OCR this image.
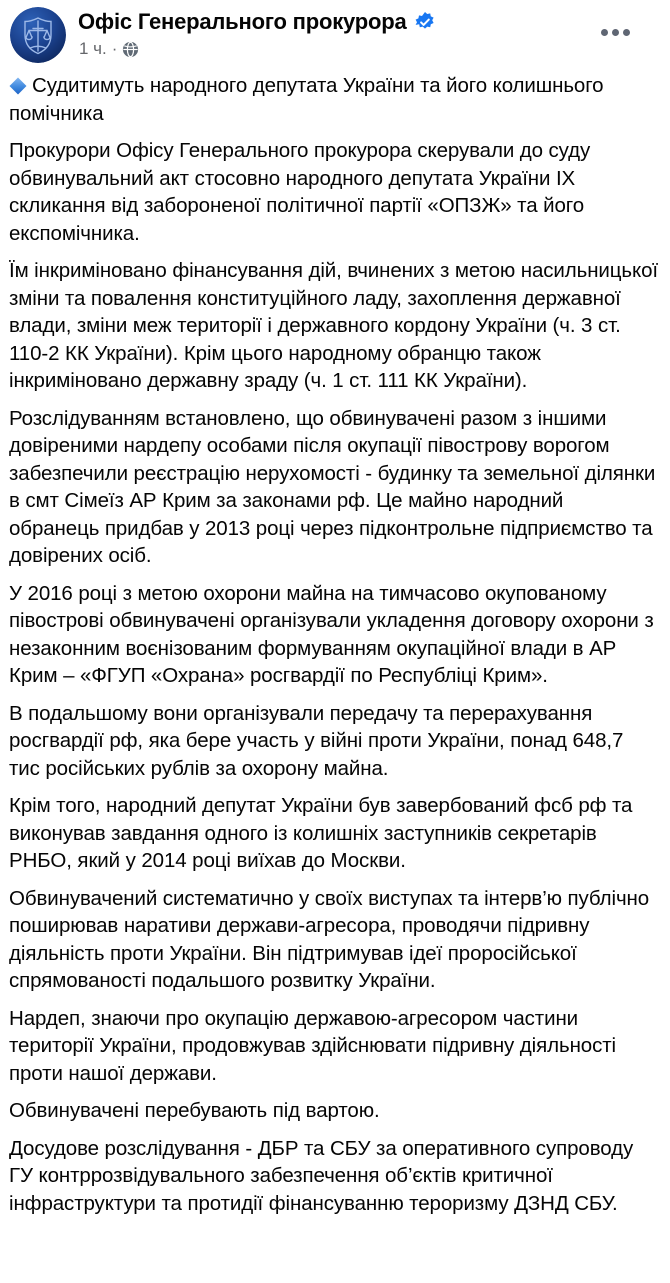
Офіс Генерального прокурора
1 ч. ·

Судитимуть народного депутата України та його колишнього помічника

Прокурори Офісу Генерального прокурора скерували до суду обвинувальний акт стосовно народного депутата України ІХ скликання від забороненої політичної партії «ОПЗЖ» та його експомічника.

Їм інкриміновано фінансування дій, вчинених з метою насильницької зміни та повалення конституційного ладу, захоплення державної влади, зміни меж території і державного кордону України (ч. 3 ст. 110-2 КК України). Крім цього народному обранцю також інкриміновано державну зраду (ч. 1 ст. 111 КК України).

Розслідуванням встановлено, що обвинувачені разом з іншими довіреними нардепу особами після окупації півострову ворогом забезпечили реєстрацію нерухомості - будинку та земельної ділянки в смт Сімеїз АР Крим за законами рф. Це майно народний обранець придбав у 2013 році через підконтрольне підприємство та довірених осіб.

У 2016 році з метою охорони майна на тимчасово окупованому півострові обвинувачені організували укладення договору охорони з незаконним воєнізованим формуванням окупаційної влади в АР Крим – «ФГУП «Охрана» росгвардії по Республіці Крим».

В подальшому вони організували передачу та перерахування росгвардії рф, яка бере участь у війні проти України, понад 648,7 тис російських рублів за охорону майна.

Крім того, народний депутат України був завербований фсб рф та виконував завдання одного із колишніх заступників секретарів РНБО, який у 2014 році виїхав до Москви.

Обвинувачений систематично у своїх виступах та інтерв’ю публічно поширював наративи держави-агресора, проводячи підривну діяльність проти України. Він підтримував ідеї проросійської спрямованості подальшого розвитку України.

Нардеп, знаючи про окупацію державою-агресором частини території України, продовжував здійснювати підривну діяльності проти нашої держави.

Обвинувачені перебувають під вартою.

Досудове розслідування - ДБР та СБУ за оперативного супроводу ГУ контррозвідувального забезпечення об’єктів критичної інфраструктури та протидії фінансуванню тероризму ДЗНД СБУ.
